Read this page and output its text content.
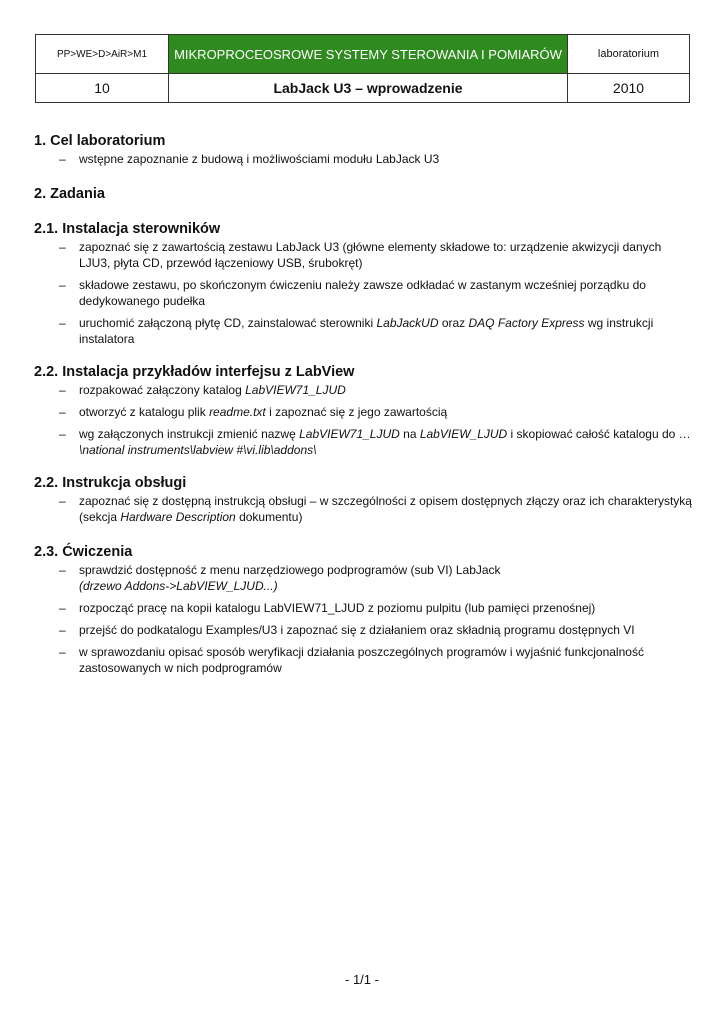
PP>WE>D>AiR>M1	MIKROPROCEOSROWE SYSTEMY STEROWANIA I POMIARÓW	laboratorium
10	LabJack U3 – wprowadzenie	2010
1. Cel laboratorium
– wstępne zapoznanie z budową i możliwościami modułu LabJack U3
2. Zadania
2.1. Instalacja sterowników
– zapoznać się z zawartością zestawu LabJack U3 (główne elementy składowe to: urządzenie akwizycji danych LJU3, płyta CD, przewód łączeniowy USB, śrubokręt)
– składowe zestawu, po skończonym ćwiczeniu należy zawsze odkładać w zastanym wcześniej porządku do dedykowanego pudełka
– uruchomić załączoną płytę CD, zainstalować sterowniki LabJackUD oraz DAQ Factory Express wg instrukcji instalatora
2.2. Instalacja przykładów interfejsu z LabView
– rozpakować załączony katalog LabVIEW71_LJUD
– otworzyć z katalogu plik readme.txt i zapoznać się z jego zawartością
– wg załączonych instrukcji zmienić nazwę LabVIEW71_LJUD na LabVIEW_LJUD i skopiować całość katalogu do …\national instruments\labview #\vi.lib\addons\
2.2. Instrukcja obsługi
– zapoznać się z dostępną instrukcją obsługi – w szczególności z opisem dostępnych złączy oraz ich charakterystyką (sekcja Hardware Description dokumentu)
2.3. Ćwiczenia
– sprawdzić dostępność z menu narzędziowego podprogramów (sub VI) LabJack
(drzewo Addons->LabVIEW_LJUD...)
– rozpocząć pracę na kopii katalogu LabVIEW71_LJUD z poziomu pulpitu (lub pamięci przenośnej)
– przejść do podkatalogu Examples/U3 i zapoznać się z działaniem oraz składnią programu dostępnych VI
– w sprawozdaniu opisać sposób weryfikacji działania poszczególnych programów i wyjaśnić funkcjonalność zastosowanych w nich podprogramów
- 1/1 -
